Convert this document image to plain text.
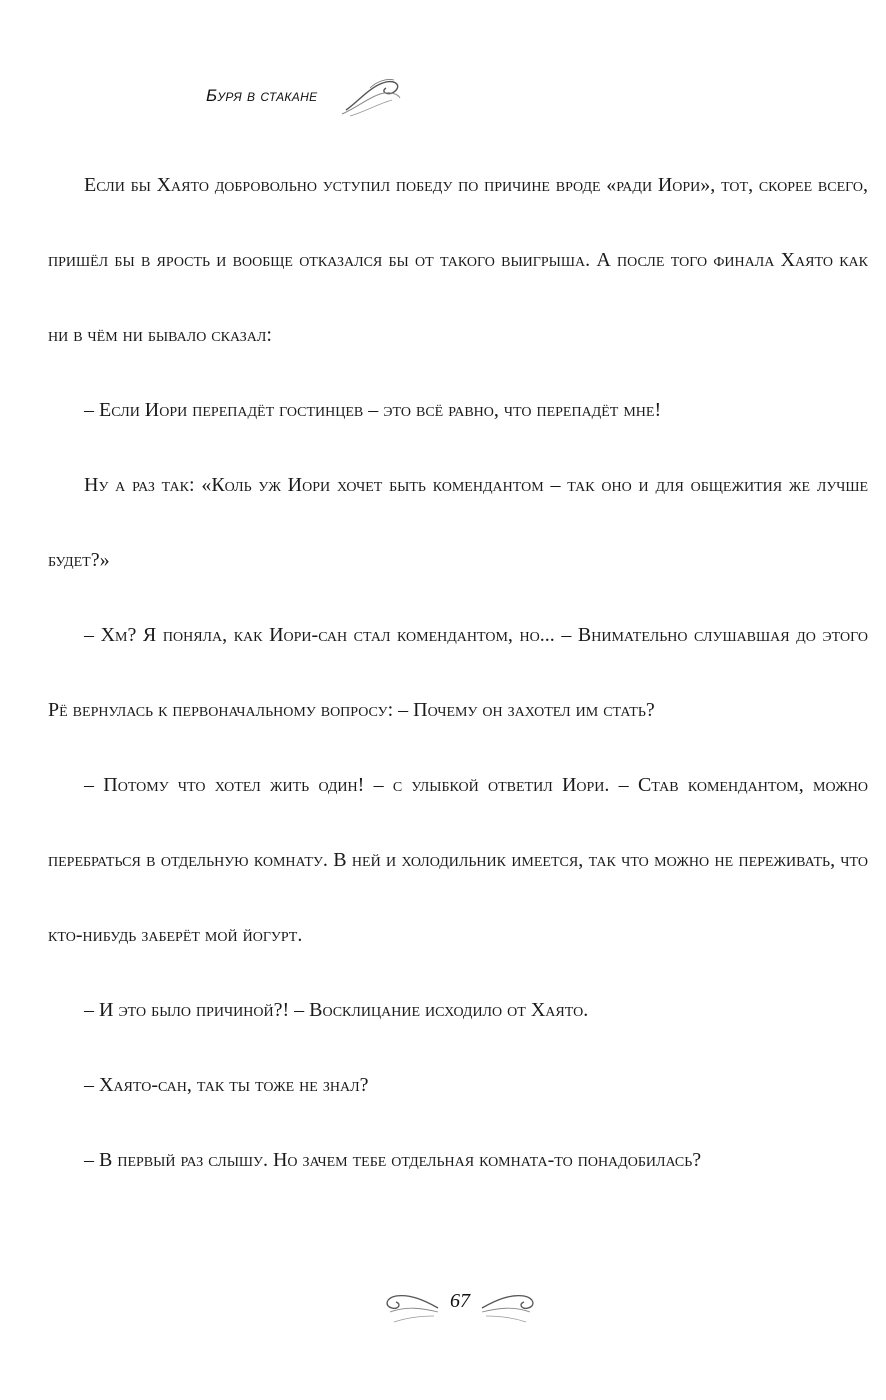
Буря в стакане

Если бы Хаято добровольно уступил победу по причине вроде «ради Иори», тот, скорее всего, пришёл бы в ярость и вообще отказался бы от такого выигрыша. А после того финала Хаято как ни в чём ни бывало сказал:

– Если Иори перепадёт гостинцев – это всё равно, что перепадёт мне!

Ну а раз так: «Коль уж Иори хочет быть комендантом – так оно и для общежития же лучше будет?»

– Хм? Я поняла, как Иори-сан стал комендантом, но... – Внимательно слушавшая до этого Рё вернулась к первоначальному вопросу: – Почему он захотел им стать?

– Потому что хотел жить один! – с улыбкой ответил Иори. – Став комендантом, можно перебраться в отдельную комнату. В ней и холодильник имеется, так что можно не переживать, что кто-нибудь заберёт мой йогурт.

– И это было причиной?! – Восклицание исходило от Хаято.

– Хаято-сан, так ты тоже не знал?

– В первый раз слышу. Но зачем тебе отдельная комната-то понадобилась?

67
